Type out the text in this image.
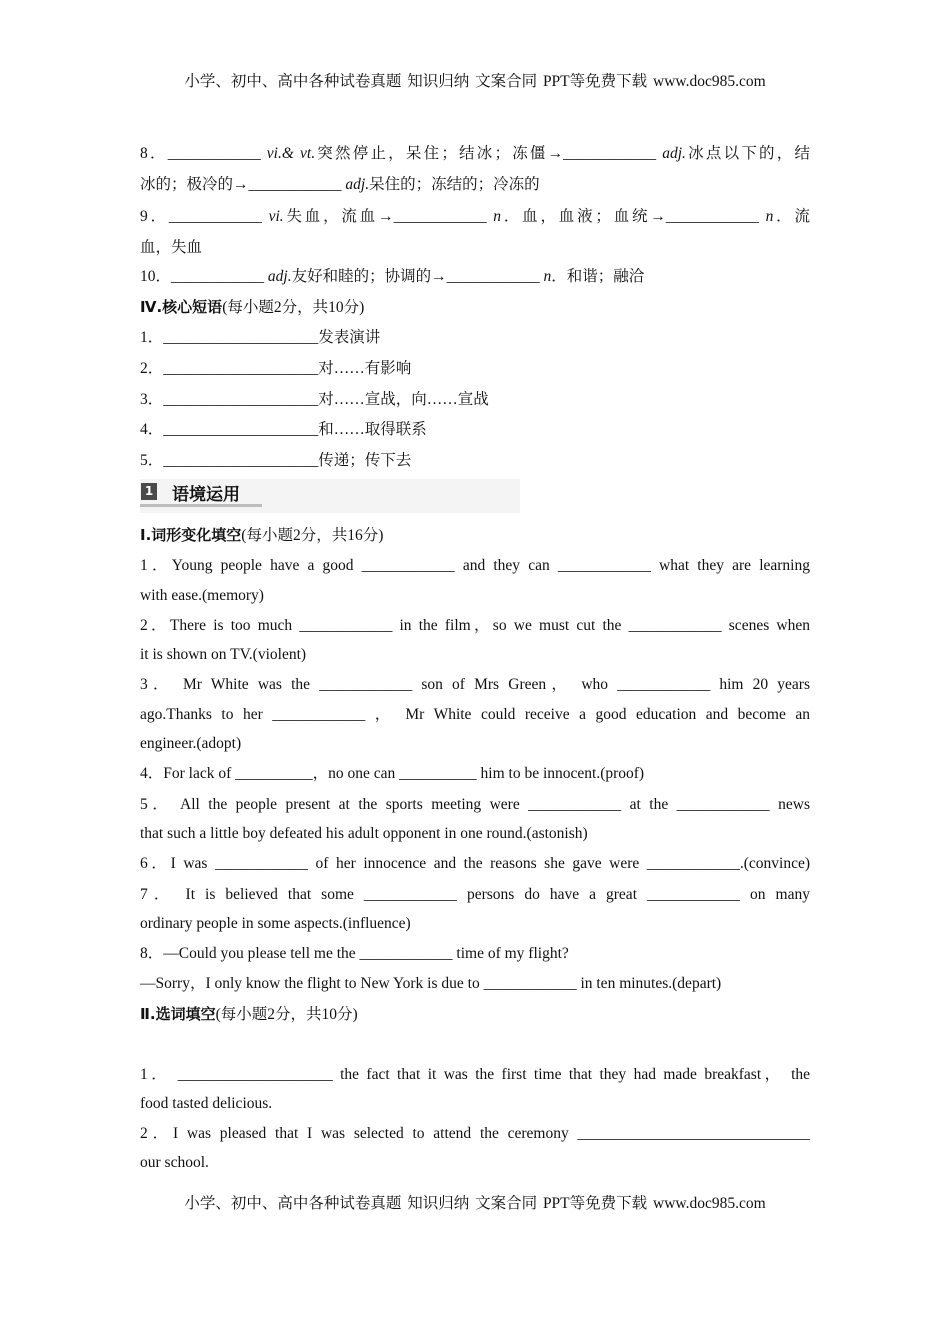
小学、初中、高中各种试卷真题 知识归纳 文案合同 PPT等免费下载 www.doc985.com
8．____________ vi.& vt.突然停止，呆住；结冰；冻僵→____________ adj.冰点以下的，结
冰的；极冷的→____________ adj.呆住的；冻结的；冷冻的
9．____________ vi.失血，流血→____________ n．血，血液；血统→____________ n．流
血，失血
10．____________ adj.友好和睦的；协调的→____________ n．和谐；融洽
Ⅳ.核心短语(每小题2分，共10分)
1．____________________发表演讲
2．____________________对……有影响
3．____________________对……宣战，向……宣战
4．____________________和……取得联系
5．____________________传递；传下去
Ⅰ.词形变化填空(每小题2分，共16分)
1．Young people have a good ____________ and they can ____________ what they are learning
with ease.(memory)
2．There is too much ____________ in the film，so we must cut the ____________ scenes when
it is shown on TV.(violent)
3． Mr White was the ____________ son of Mrs Green， who ____________ him 20 years
ago.Thanks to her ____________ ， Mr White could receive a good education and become an
engineer.(adopt)
4．For lack of __________，no one can __________ him to be innocent.(proof)
5． All the people present at the sports meeting were ____________ at the ____________ news
that such a little boy defeated his adult opponent in one round.(astonish)
6．I was ____________ of her innocence and the reasons she gave were ____________.(convince)
7． It is believed that some ____________ persons do have a great ____________ on many
ordinary people in some aspects.(influence)
8．—Could you please tell me the ____________ time of my flight?
—Sorry，I only know the flight to New York is due to ____________ in ten minutes.(depart)
Ⅱ.选词填空(每小题2分，共10分)
1． ____________________ the fact that it was the first time that they had made breakfast， the
food tasted delicious.
2．I was pleased that I was selected to attend the ceremony ______________________________
our school.
1 语境运用
小学、初中、高中各种试卷真题 知识归纳 文案合同 PPT等免费下载 www.doc985.com
